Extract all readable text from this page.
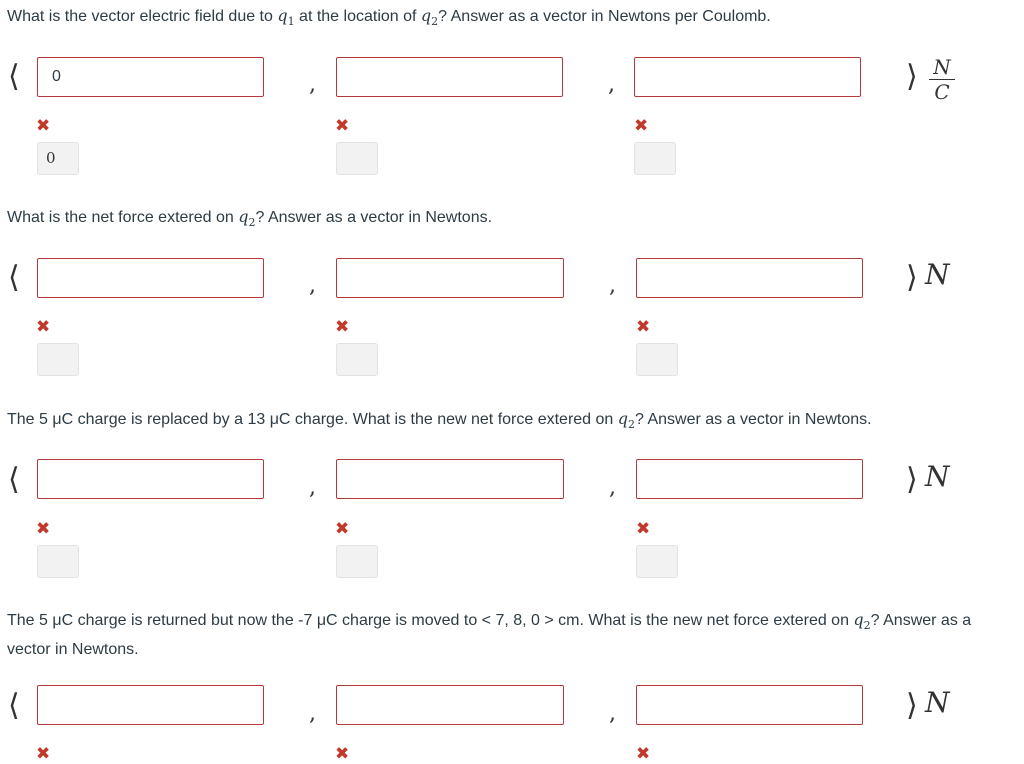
What is the vector electric field due to $q_1$ at the location of $q_2$? Answer as a vector in Newtons per Coulomb.
⟨
0	,	,	⟩ N
C
✖	✖	✖
0
What is the net force extered on $q_2$? Answer as a vector in Newtons.
⟨	,	,	⟩ N
✖	✖	✖
The 5 μC charge is replaced by a 13 μC charge. What is the new net force extered on $q_2$? Answer as a vector in Newtons.
⟨	,	,	⟩ N
✖	✖	✖
The 5 μC charge is returned but now the -7 μC charge is moved to < 7, 8, 0 > cm. What is the new net force extered on $q_2$? Answer as a vector in Newtons.
⟨	,	,	⟩ N
✖	✖	✖
